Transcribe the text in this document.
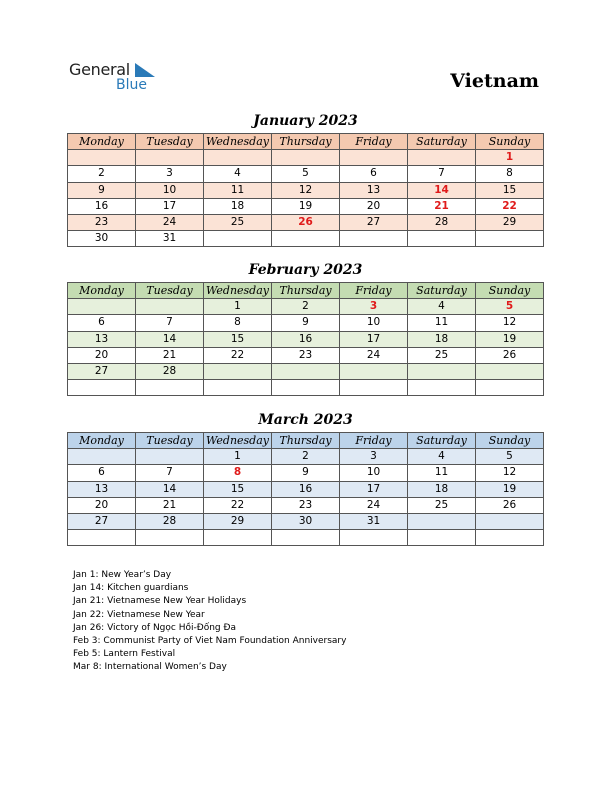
General
Blue	Vietnam
January 2023
Monday	Tuesday	Wednesday	Thursday	Friday	Saturday	Sunday
						1
2	3	4	5	6	7	8
9	10	11	12	13	14	15
16	17	18	19	20	21	22
23	24	25	26	27	28	29
30	31					
February 2023
Monday	Tuesday	Wednesday	Thursday	Friday	Saturday	Sunday
		1	2	3	4	5
6	7	8	9	10	11	12
13	14	15	16	17	18	19
20	21	22	23	24	25	26
27	28					

March 2023
Monday	Tuesday	Wednesday	Thursday	Friday	Saturday	Sunday
		1	2	3	4	5
6	7	8	9	10	11	12
13	14	15	16	17	18	19
20	21	22	23	24	25	26
27	28	29	30	31		

Jan 1: New Year’s Day
Jan 14: Kitchen guardians
Jan 21: Vietnamese New Year Holidays
Jan 22: Vietnamese New Year
Jan 26: Victory of Ngọc Hồi-Đống Đa
Feb 3: Communist Party of Viet Nam Foundation Anniversary
Feb 5: Lantern Festival
Mar 8: International Women’s Day
